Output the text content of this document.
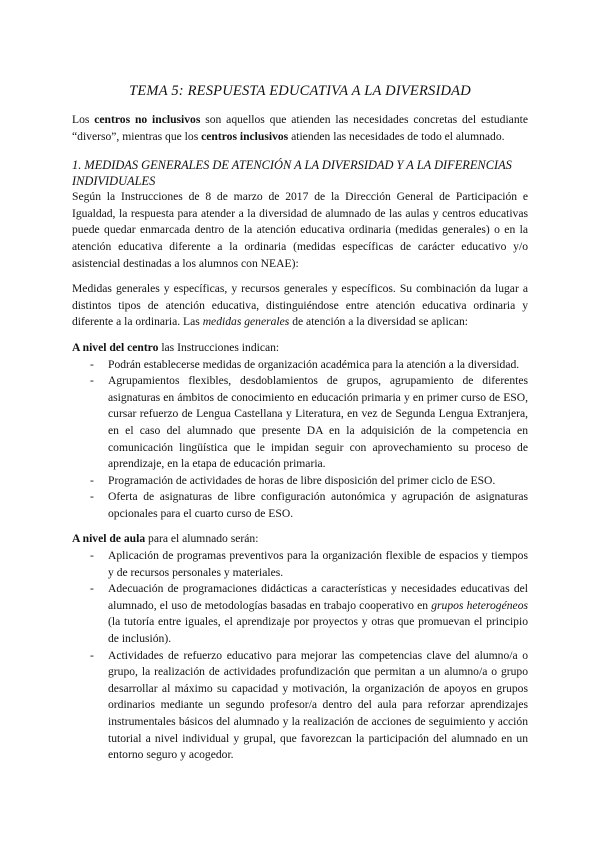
TEMA 5: RESPUESTA EDUCATIVA A LA DIVERSIDAD

Los centros no inclusivos son aquellos que atienden las necesidades concretas del estudiante “diverso”, mientras que los centros inclusivos atienden las necesidades de todo el alumnado.

1. MEDIDAS GENERALES DE ATENCIÓN A LA DIVERSIDAD Y A LA DIFERENCIAS INDIVIDUALES

Según la Instrucciones de 8 de marzo de 2017 de la Dirección General de Participación e Igualdad, la respuesta para atender a la diversidad de alumnado de las aulas y centros educativas puede quedar enmarcada dentro de la atención educativa ordinaria (medidas generales) o en la atención educativa diferente a la ordinaria (medidas específicas de carácter educativo y/o asistencial destinadas a los alumnos con NEAE):

Medidas generales y específicas, y recursos generales y específicos. Su combinación da lugar a distintos tipos de atención educativa, distinguiéndose entre atención educativa ordinaria y diferente a la ordinaria. Las medidas generales de atención a la diversidad se aplican:

A nivel del centro las Instrucciones indican:

- Podrán establecerse medidas de organización académica para la atención a la diversidad.
- Agrupamientos flexibles, desdoblamientos de grupos, agrupamiento de diferentes asignaturas en ámbitos de conocimiento en educación primaria y en primer curso de ESO, cursar refuerzo de Lengua Castellana y Literatura, en vez de Segunda Lengua Extranjera, en el caso del alumnado que presente DA en la adquisición de la competencia en comunicación lingüística que le impidan seguir con aprovechamiento su proceso de aprendizaje, en la etapa de educación primaria.
- Programación de actividades de horas de libre disposición del primer ciclo de ESO.
- Oferta de asignaturas de libre configuración autonómica y agrupación de asignaturas opcionales para el cuarto curso de ESO.

A nivel de aula para el alumnado serán:

- Aplicación de programas preventivos para la organización flexible de espacios y tiempos y de recursos personales y materiales.
- Adecuación de programaciones didácticas a características y necesidades educativas del alumnado, el uso de metodologías basadas en trabajo cooperativo en grupos heterogéneos (la tutoría entre iguales, el aprendizaje por proyectos y otras que promuevan el principio de inclusión).
- Actividades de refuerzo educativo para mejorar las competencias clave del alumno/a o grupo, la realización de actividades profundización que permitan a un alumno/a o grupo desarrollar al máximo su capacidad y motivación, la organización de apoyos en grupos ordinarios mediante un segundo profesor/a dentro del aula para reforzar aprendizajes instrumentales básicos del alumnado y la realización de acciones de seguimiento y acción tutorial a nivel individual y grupal, que favorezcan la participación del alumnado en un entorno seguro y acogedor.
